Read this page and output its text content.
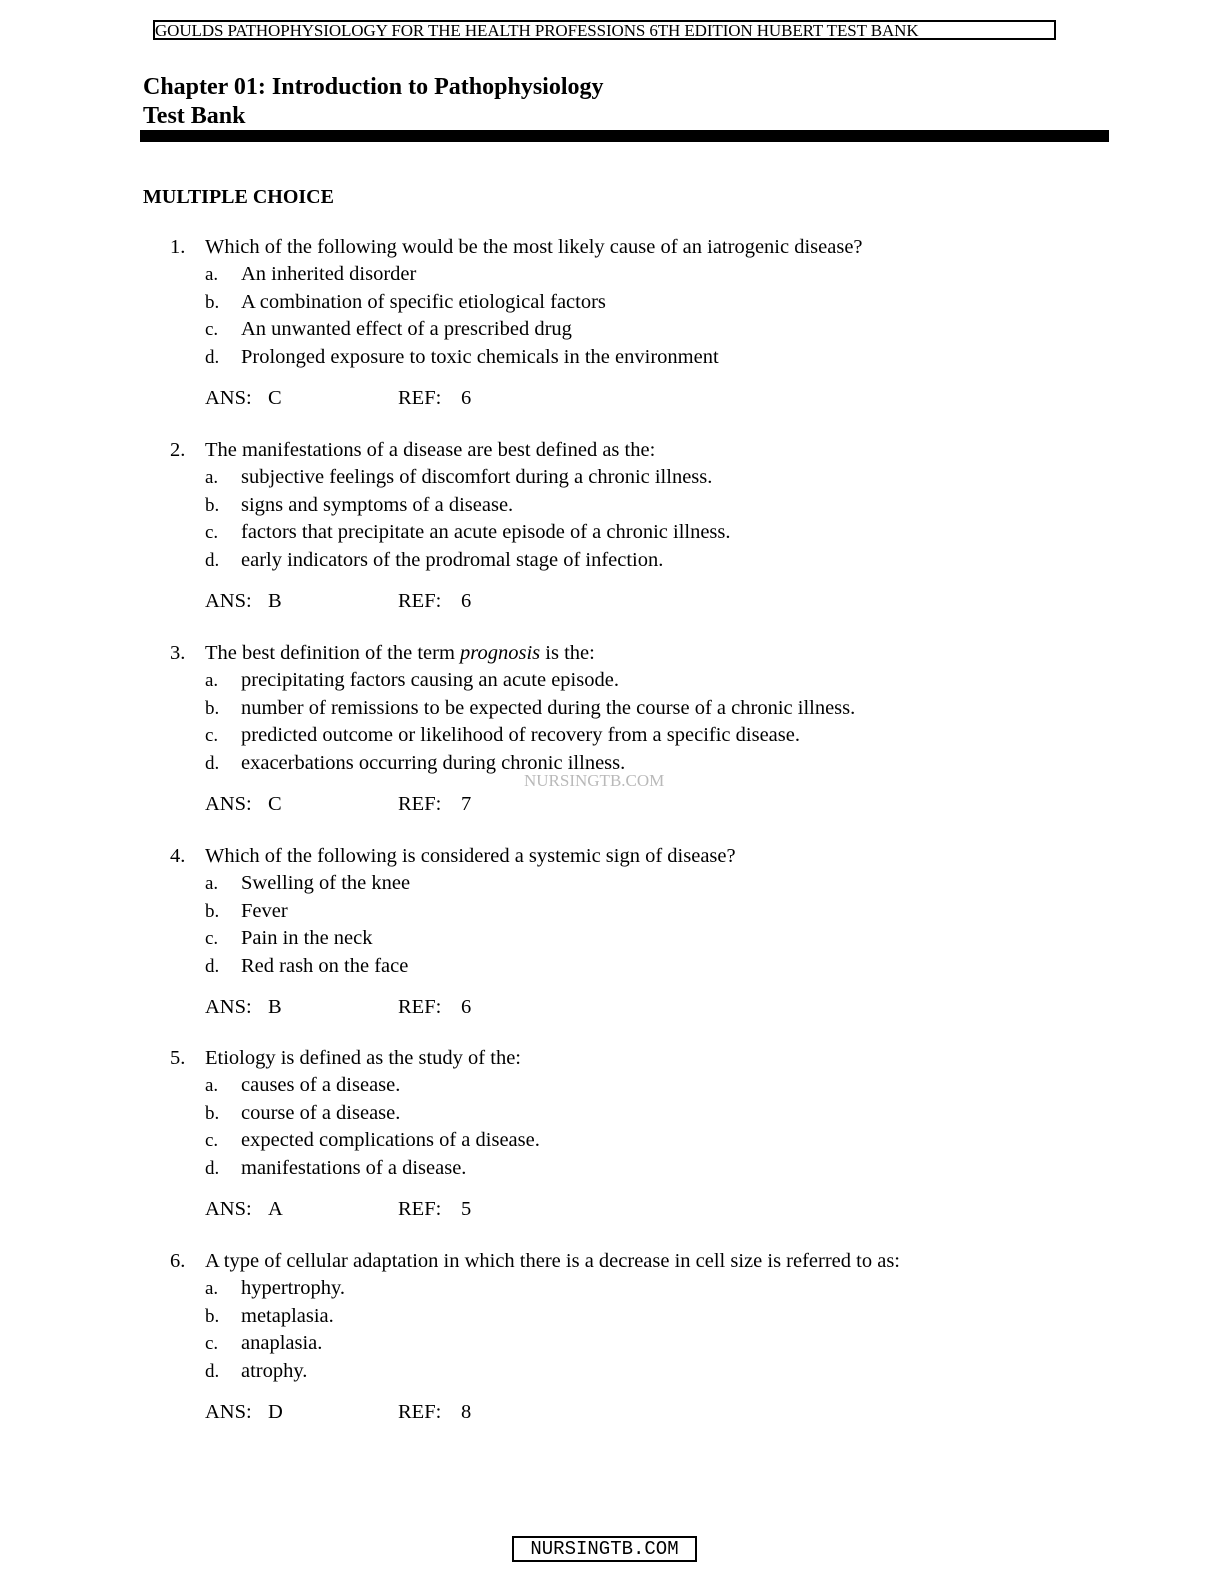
GOULDS PATHOPHYSIOLOGY FOR THE HEALTH PROFESSIONS 6TH EDITION HUBERT TEST BANK
Chapter 01: Introduction to Pathophysiology
Test Bank
MULTIPLE CHOICE
1. Which of the following would be the most likely cause of an iatrogenic disease?
a. An inherited disorder
b. A combination of specific etiological factors
c. An unwanted effect of a prescribed drug
d. Prolonged exposure to toxic chemicals in the environment
ANS: C	REF: 6
2. The manifestations of a disease are best defined as the:
a. subjective feelings of discomfort during a chronic illness.
b. signs and symptoms of a disease.
c. factors that precipitate an acute episode of a chronic illness.
d. early indicators of the prodromal stage of infection.
ANS: B	REF: 6
3. The best definition of the term prognosis is the:
a. precipitating factors causing an acute episode.
b. number of remissions to be expected during the course of a chronic illness.
c. predicted outcome or likelihood of recovery from a specific disease.
d. exacerbations occurring during chronic illness.
ANS: C	REF: 7
NURSINGTB.COM
4. Which of the following is considered a systemic sign of disease?
a. Swelling of the knee
b. Fever
c. Pain in the neck
d. Red rash on the face
ANS: B	REF: 6
5. Etiology is defined as the study of the:
a. causes of a disease.
b. course of a disease.
c. expected complications of a disease.
d. manifestations of a disease.
ANS: A	REF: 5
6. A type of cellular adaptation in which there is a decrease in cell size is referred to as:
a. hypertrophy.
b. metaplasia.
c. anaplasia.
d. atrophy.
ANS: D	REF: 8
NURSINGTB.COM
